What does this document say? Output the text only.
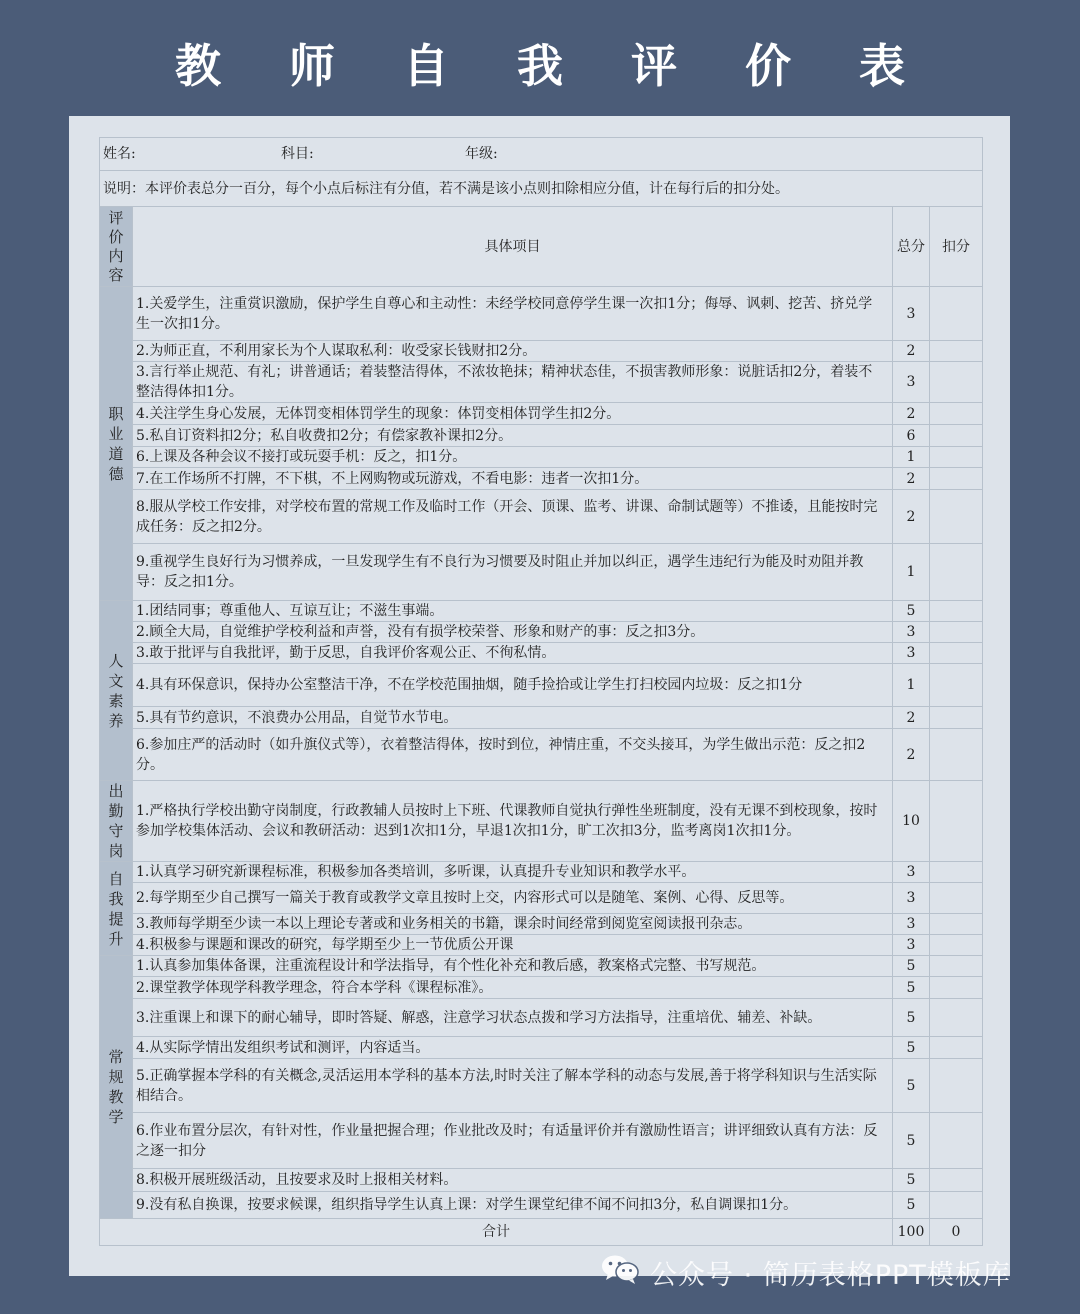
教 师 自 我 评 价 表
姓名: 科目: 年级:			
说明：本评价表总分一百分，每个小点后标注有分值，若不满是该小点则扣除相应分值，计在每行后的扣分处。			

评价内容	具体项目	总分	扣分

职业道德	1.关爱学生，注重赏识激励，保护学生自尊心和主动性：未经学校同意停学生课一次扣1分；侮辱、讽刺、挖苦、挤兑学生一次扣1分。	3	
	2.为师正直，不利用家长为个人谋取私利：收受家长钱财扣2分。	2	
	3.言行举止规范、有礼；讲普通话；着装整洁得体，不浓妆艳抹；精神状态佳，不损害教师形象：说脏话扣2分，着装不整洁得体扣1分。	3	
	4.关注学生身心发展，无体罚变相体罚学生的现象：体罚变相体罚学生扣2分。	2	
	5.私自订资料扣2分；私自收费扣2分；有偿家教补课扣2分。	6	
	6.上课及各种会议不接打或玩耍手机：反之，扣1分。	1	
	7.在工作场所不打牌，不下棋，不上网购物或玩游戏，不看电影：违者一次扣1分。	2	
	8.服从学校工作安排，对学校布置的常规工作及临时工作（开会、顶课、监考、讲课、命制试题等）不推诿，且能按时完成任务：反之扣2分。	2	
	9.重视学生良好行为习惯养成，一旦发现学生有不良行为习惯要及时阻止并加以纠正，遇学生违纪行为能及时劝阻并教导：反之扣1分。	1	

人文素养	1.团结同事；尊重他人、互谅互让；不滋生事端。	5	
	2.顾全大局，自觉维护学校利益和声誉，没有有损学校荣誉、形象和财产的事：反之扣3分。	3	
	3.敢于批评与自我批评，勤于反思，自我评价客观公正、不徇私情。	3	
	4.具有环保意识，保持办公室整洁干净，不在学校范围抽烟，随手捡拾或让学生打扫校园内垃圾：反之扣1分	1	
	5.具有节约意识，不浪费办公用品，自觉节水节电。	2	
	6.参加庄严的活动时（如升旗仪式等），衣着整洁得体，按时到位，神情庄重，不交头接耳，为学生做出示范：反之扣2分。	2	

出勤守岗	1.严格执行学校出勤守岗制度，行政教辅人员按时上下班、代课教师自觉执行弹性坐班制度，没有无课不到校现象，按时参加学校集体活动、会议和教研活动：迟到1次扣1分，早退1次扣1分，旷工次扣3分，监考离岗1次扣1分。	10	

自我提升	1.认真学习研究新课程标准，积极参加各类培训，多听课，认真提升专业知识和教学水平。	3	
	2.每学期至少自己撰写一篇关于教育或教学文章且按时上交，内容形式可以是随笔、案例、心得、反思等。	3	
	3.教师每学期至少读一本以上理论专著或和业务相关的书籍，课余时间经常到阅览室阅读报刊杂志。	3	
	4.积极参与课题和课改的研究，每学期至少上一节优质公开课	3	

常规教学	1.认真参加集体备课，注重流程设计和学法指导，有个性化补充和教后感，教案格式完整、书写规范。	5	
	2.课堂教学体现学科教学理念，符合本学科《课程标准》。	5	
	3.注重课上和课下的耐心辅导，即时答疑、解惑，注意学习状态点拨和学习方法指导，注重培优、辅差、补缺。	5	
	4.从实际学情出发组织考试和测评，内容适当。	5	
	5.正确掌握本学科的有关概念,灵活运用本学科的基本方法,时时关注了解本学科的动态与发展,善于将学科知识与生活实际相结合。	5	
	6.作业布置分层次，有针对性，作业量把握合理；作业批改及时；有适量评价并有激励性语言；讲评细致认真有方法：反之逐一扣分	5	
	8.积极开展班级活动，且按要求及时上报相关材料。	5	
	9.没有私自换课，按要求候课，组织指导学生认真上课：对学生课堂纪律不闻不问扣3分，私自调课扣1分。	5	
合计		100	0
公众号 · 简历表格PPT模板库
